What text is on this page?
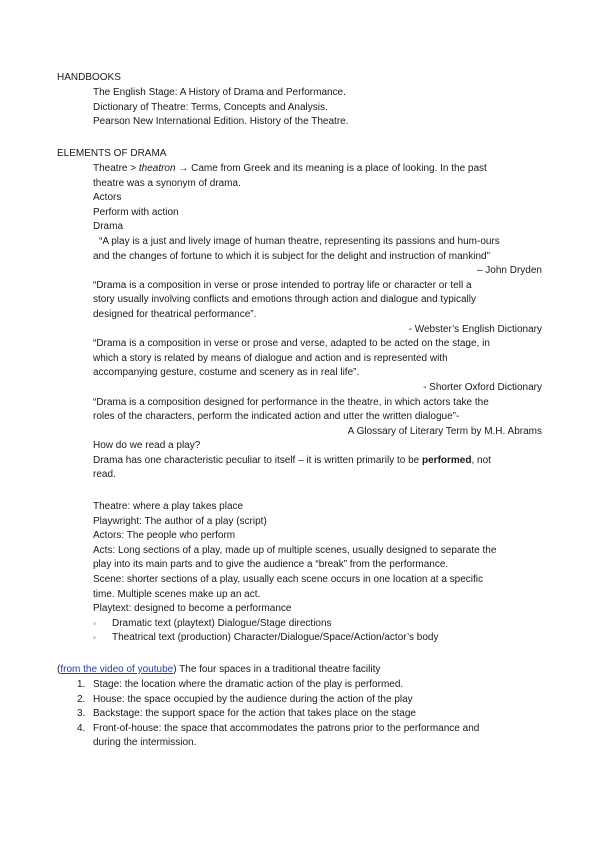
HANDBOOKS
The English Stage: A History of Drama and Performance.
Dictionary of Theatre: Terms, Concepts and Analysis.
Pearson New International Edition. History of the Theatre.
ELEMENTS OF DRAMA
Theatre > theatron → Came from Greek and its meaning is a place of looking. In the past
theatre was a synonym of drama.
Actors
Perform with action
Drama
“A play is a just and lively image of human theatre, representing its passions and hum-ours
and the changes of fortune to which it is subject for the delight and instruction of mankind”
– John Dryden
“Drama is a composition in verse or prose intended to portray life or character or tell a
story usually involving conflicts and emotions through action and dialogue and typically
designed for theatrical performance”.
- Webster’s English Dictionary
“Drama is a composition in verse or prose and verse, adapted to be acted on the stage, in
which a story is related by means of dialogue and action and is represented with
accompanying gesture, costume and scenery as in real life”.
- Shorter Oxford Dictionary
“Drama is a composition designed for performance in the theatre, in which actors take the
roles of the characters, perform the indicated action and utter the written dialogue”-
A Glossary of Literary Term by M.H. Abrams
How do we read a play?
Drama has one characteristic peculiar to itself – it is written primarily to be performed, not
read.
Theatre: where a play takes place
Playwright: The author of a play (script)
Actors: The people who perform
Acts: Long sections of a play, made up of multiple scenes, usually designed to separate the
play into its main parts and to give the audience a “break” from the performance.
Scene: shorter sections of a play, usually each scene occurs in one location at a specific
time. Multiple scenes make up an act.
Playtext: designed to become a performance
◦ Dramatic text (playtext) Dialogue/Stage directions
◦ Theatrical text (production) Character/Dialogue/Space/Action/actor’s body
(from the video of youtube) The four spaces in a traditional theatre facility
1. Stage: the location where the dramatic action of the play is performed.
2. House: the space occupied by the audience during the action of the play
3. Backstage: the support space for the action that takes place on the stage
4. Front-of-house: the space that accommodates the patrons prior to the performance and
during the intermission.
